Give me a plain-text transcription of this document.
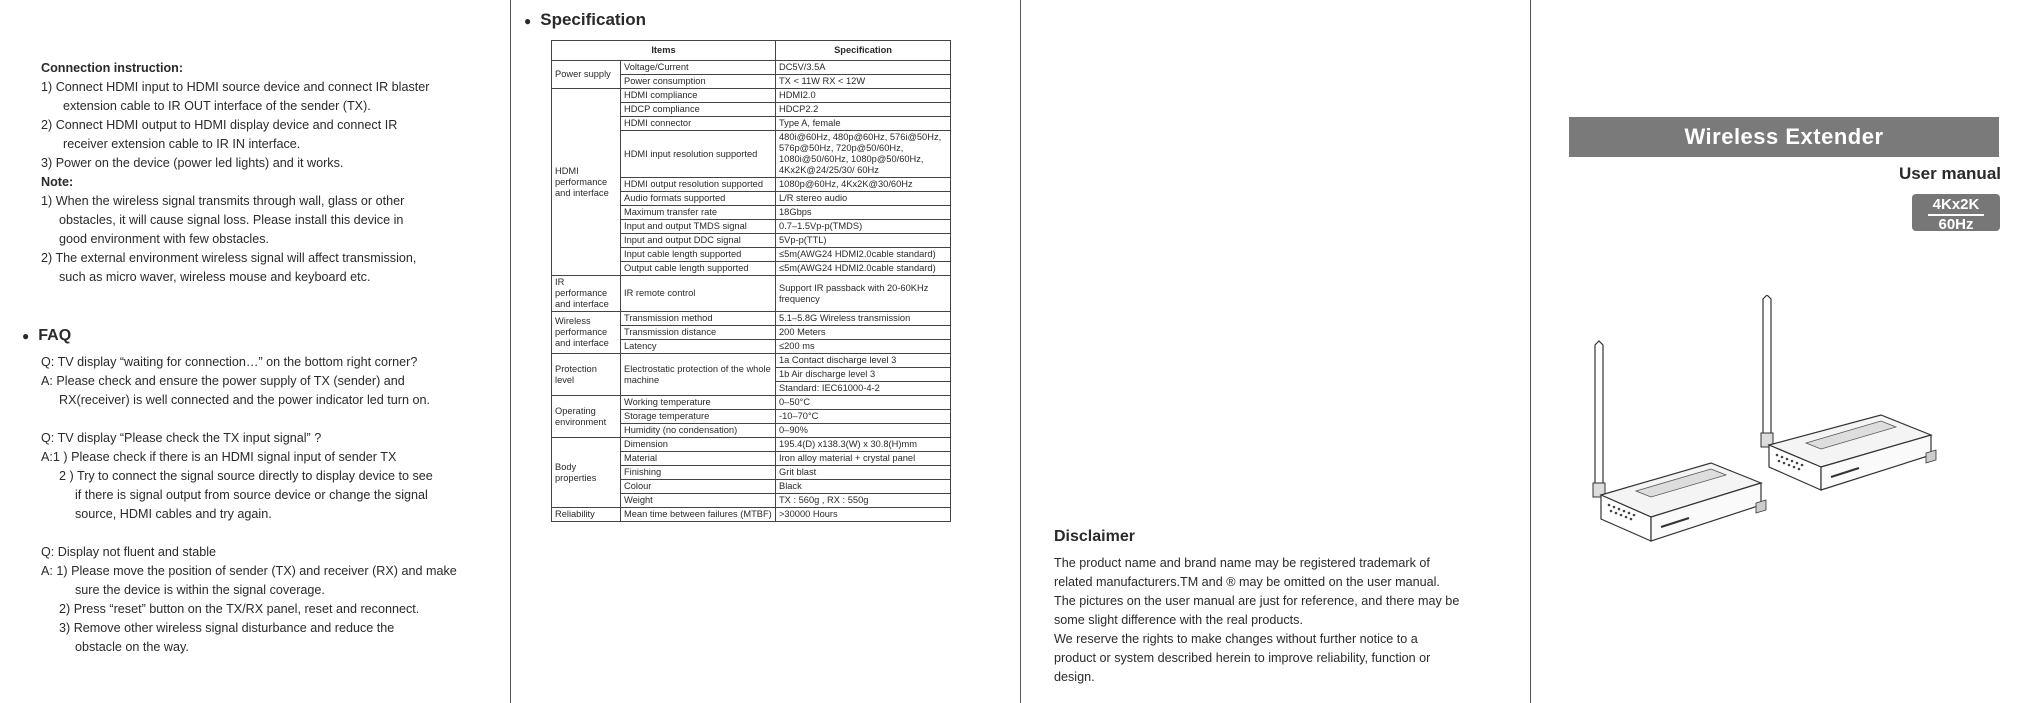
Connection instruction:
1) Connect HDMI input to HDMI source device and connect IR blaster
extension cable to IR OUT interface of the sender (TX).
2) Connect HDMI output to HDMI display device and connect IR
receiver extension cable to IR IN interface.
3) Power on the device (power led lights) and it works.
Note:
1) When the wireless signal transmits through wall, glass or other
obstacles, it will cause signal loss. Please install this device in
good environment with few obstacles.
2) The external environment wireless signal will affect transmission,
such as micro waver, wireless mouse and keyboard etc.
● FAQ
Q: TV display “waiting for connection…” on the bottom right corner?
A: Please check and ensure the power supply of TX (sender) and
RX(receiver) is well connected and the power indicator led turn on.
Q: TV display “Please check the TX input signal” ?
A:1 ) Please check if there is an HDMI signal input of sender TX
2 ) Try to connect the signal source directly to display device to see
if there is signal output from source device or change the signal
source, HDMI cables and try again.
Q: Display not fluent and stable
A: 1) Please move the position of sender (TX) and receiver (RX) and make
sure the device is within the signal coverage.
2) Press “reset” button on the TX/RX panel, reset and reconnect.
3) Remove other wireless signal disturbance and reduce the
obstacle on the way.
● Specification
Items		Specification
Power supply	Voltage/Current	DC5V/3.5A
	Power consumption	TX < 11W RX < 12W
HDMI performance and interface	HDMI compliance	HDMI2.0
	HDCP compliance	HDCP2.2
	HDMI connector	Type A, female
	HDMI input resolution supported	480i@60Hz, 480p@60Hz, 576i@50Hz, 576p@50Hz, 720p@50/60Hz, 1080i@50/60Hz, 1080p@50/60Hz, 4Kx2K@24/25/30/ 60Hz
	HDMI output resolution supported	1080p@60Hz, 4Kx2K@30/60Hz
	Audio formats supported	L/R stereo audio
	Maximum transfer rate	18Gbps
	Input and output TMDS signal	0.7–1.5Vp-p(TMDS)
	Input and output DDC signal	5Vp-p(TTL)
	Input cable length supported	≤5m(AWG24 HDMI2.0cable standard)
	Output cable length supported	≤5m(AWG24 HDMI2.0cable standard)
IR performance and interface	IR remote control	Support IR passback with 20-60KHz frequency
Wireless performance and interface	Transmission method	5.1–5.8G Wireless transmission
	Transmission distance	200 Meters
	Latency	≤200 ms
Protection level	Electrostatic protection of the whole machine	1a Contact discharge level 3
		1b Air discharge level 3
		Standard: IEC61000-4-2
Operating environment	Working temperature	0–50°C
	Storage temperature	-10–70°C
	Humidity (no condensation)	0–90%
Body properties	Dimension	195.4(D) x138.3(W) x 30.8(H)mm
	Material	Iron alloy material + crystal panel
	Finishing	Grit blast
	Colour	Black
	Weight	TX : 560g , RX : 550g
Reliability	Mean time between failures (MTBF)	>30000 Hours
Disclaimer
The product name and brand name may be registered trademark of
related manufacturers.TM and ® may be omitted on the user manual.
The pictures on the user manual are just for reference, and there may be
some slight difference with the real products.
We reserve the rights to make changes without further notice to a
product or system described herein to improve reliability, function or
design.
Wireless Extender
User manual
4Kx2K
60Hz
